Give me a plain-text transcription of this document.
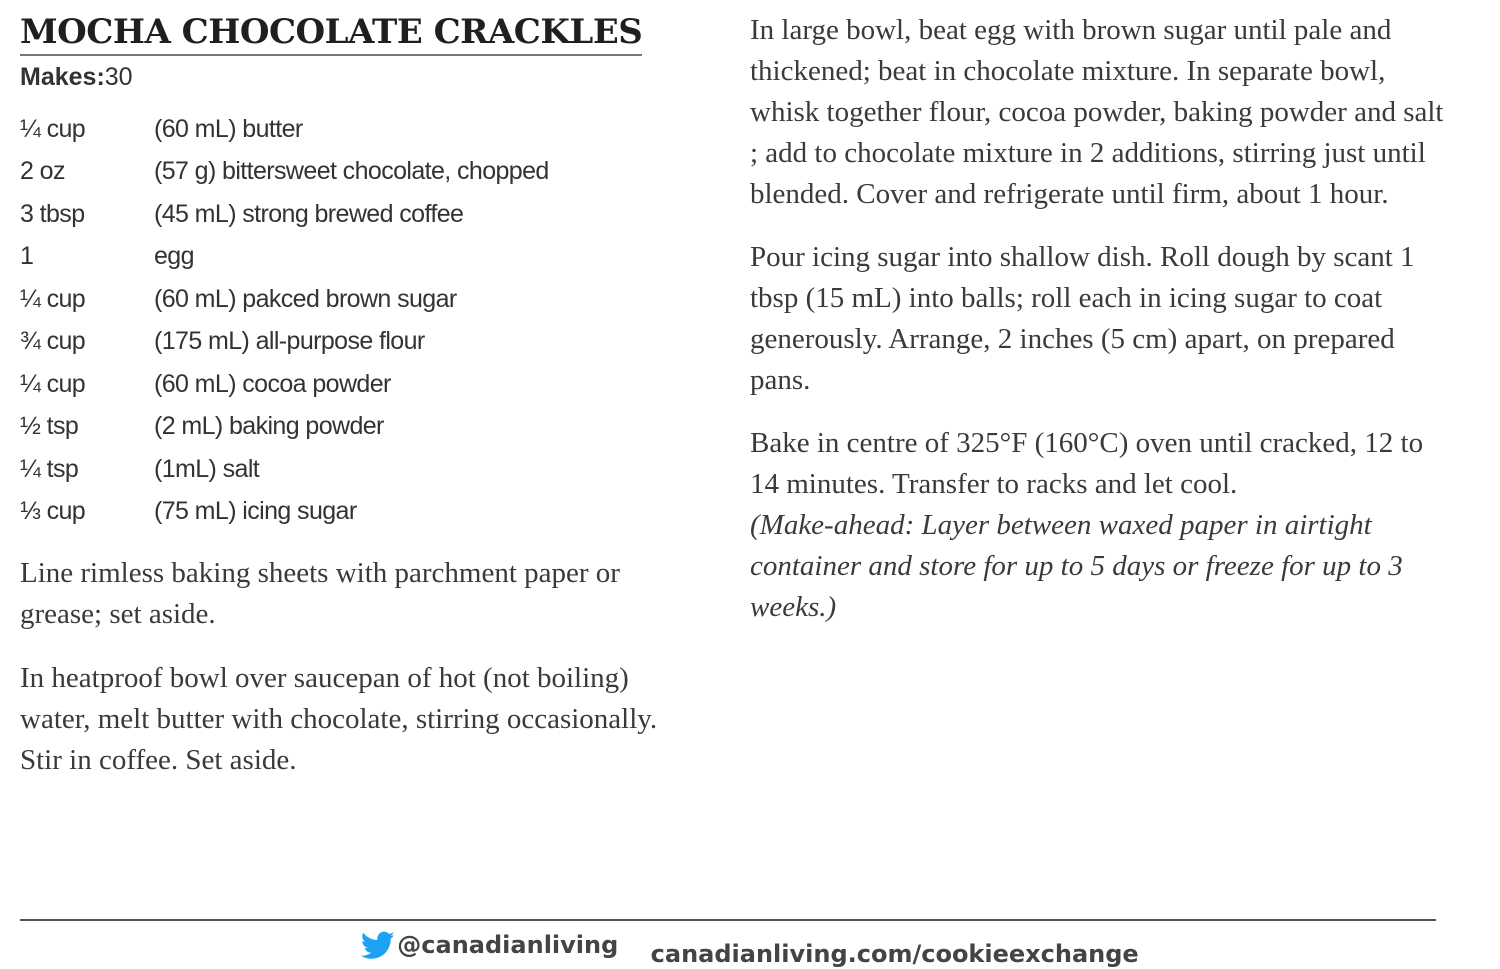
MOCHA CHOCOLATE CRACKLES
Makes:30
¼ cup	(60 mL) butter
2 oz	(57 g) bittersweet chocolate, chopped
3 tbsp	(45 mL) strong brewed coffee
1	egg
¼ cup	(60 mL) pakced brown sugar
¾ cup	(175 mL) all-purpose flour
¼ cup	(60 mL) cocoa powder
½ tsp	(2 mL) baking powder
¼ tsp	(1mL) salt
⅓ cup	(75 mL) icing sugar

Line rimless baking sheets with parchment paper or grease; set aside.

In heatproof bowl over saucepan of hot (not boiling) water, melt butter with chocolate, stirring occasionally. Stir in coffee. Set aside.

In large bowl, beat egg with brown sugar until pale and thickened; beat in chocolate mixture. In separate bowl, whisk together flour, cocoa powder, baking powder and salt ; add to chocolate mixture in 2 additions, stirring just until blended. Cover and refrigerate until firm, about 1 hour.

Pour icing sugar into shallow dish. Roll dough by scant 1 tbsp (15 mL) into balls; roll each in icing sugar to coat generously. Arrange, 2 inches (5 cm) apart, on prepared pans.

Bake in centre of 325°F (160°C) oven until cracked, 12 to 14 minutes. Transfer to racks and let cool.
(Make-ahead: Layer between waxed paper in airtight container and store for up to 5 days or freeze for up to 3 weeks.)

@canadianliving canadianliving.com/cookieexchange
